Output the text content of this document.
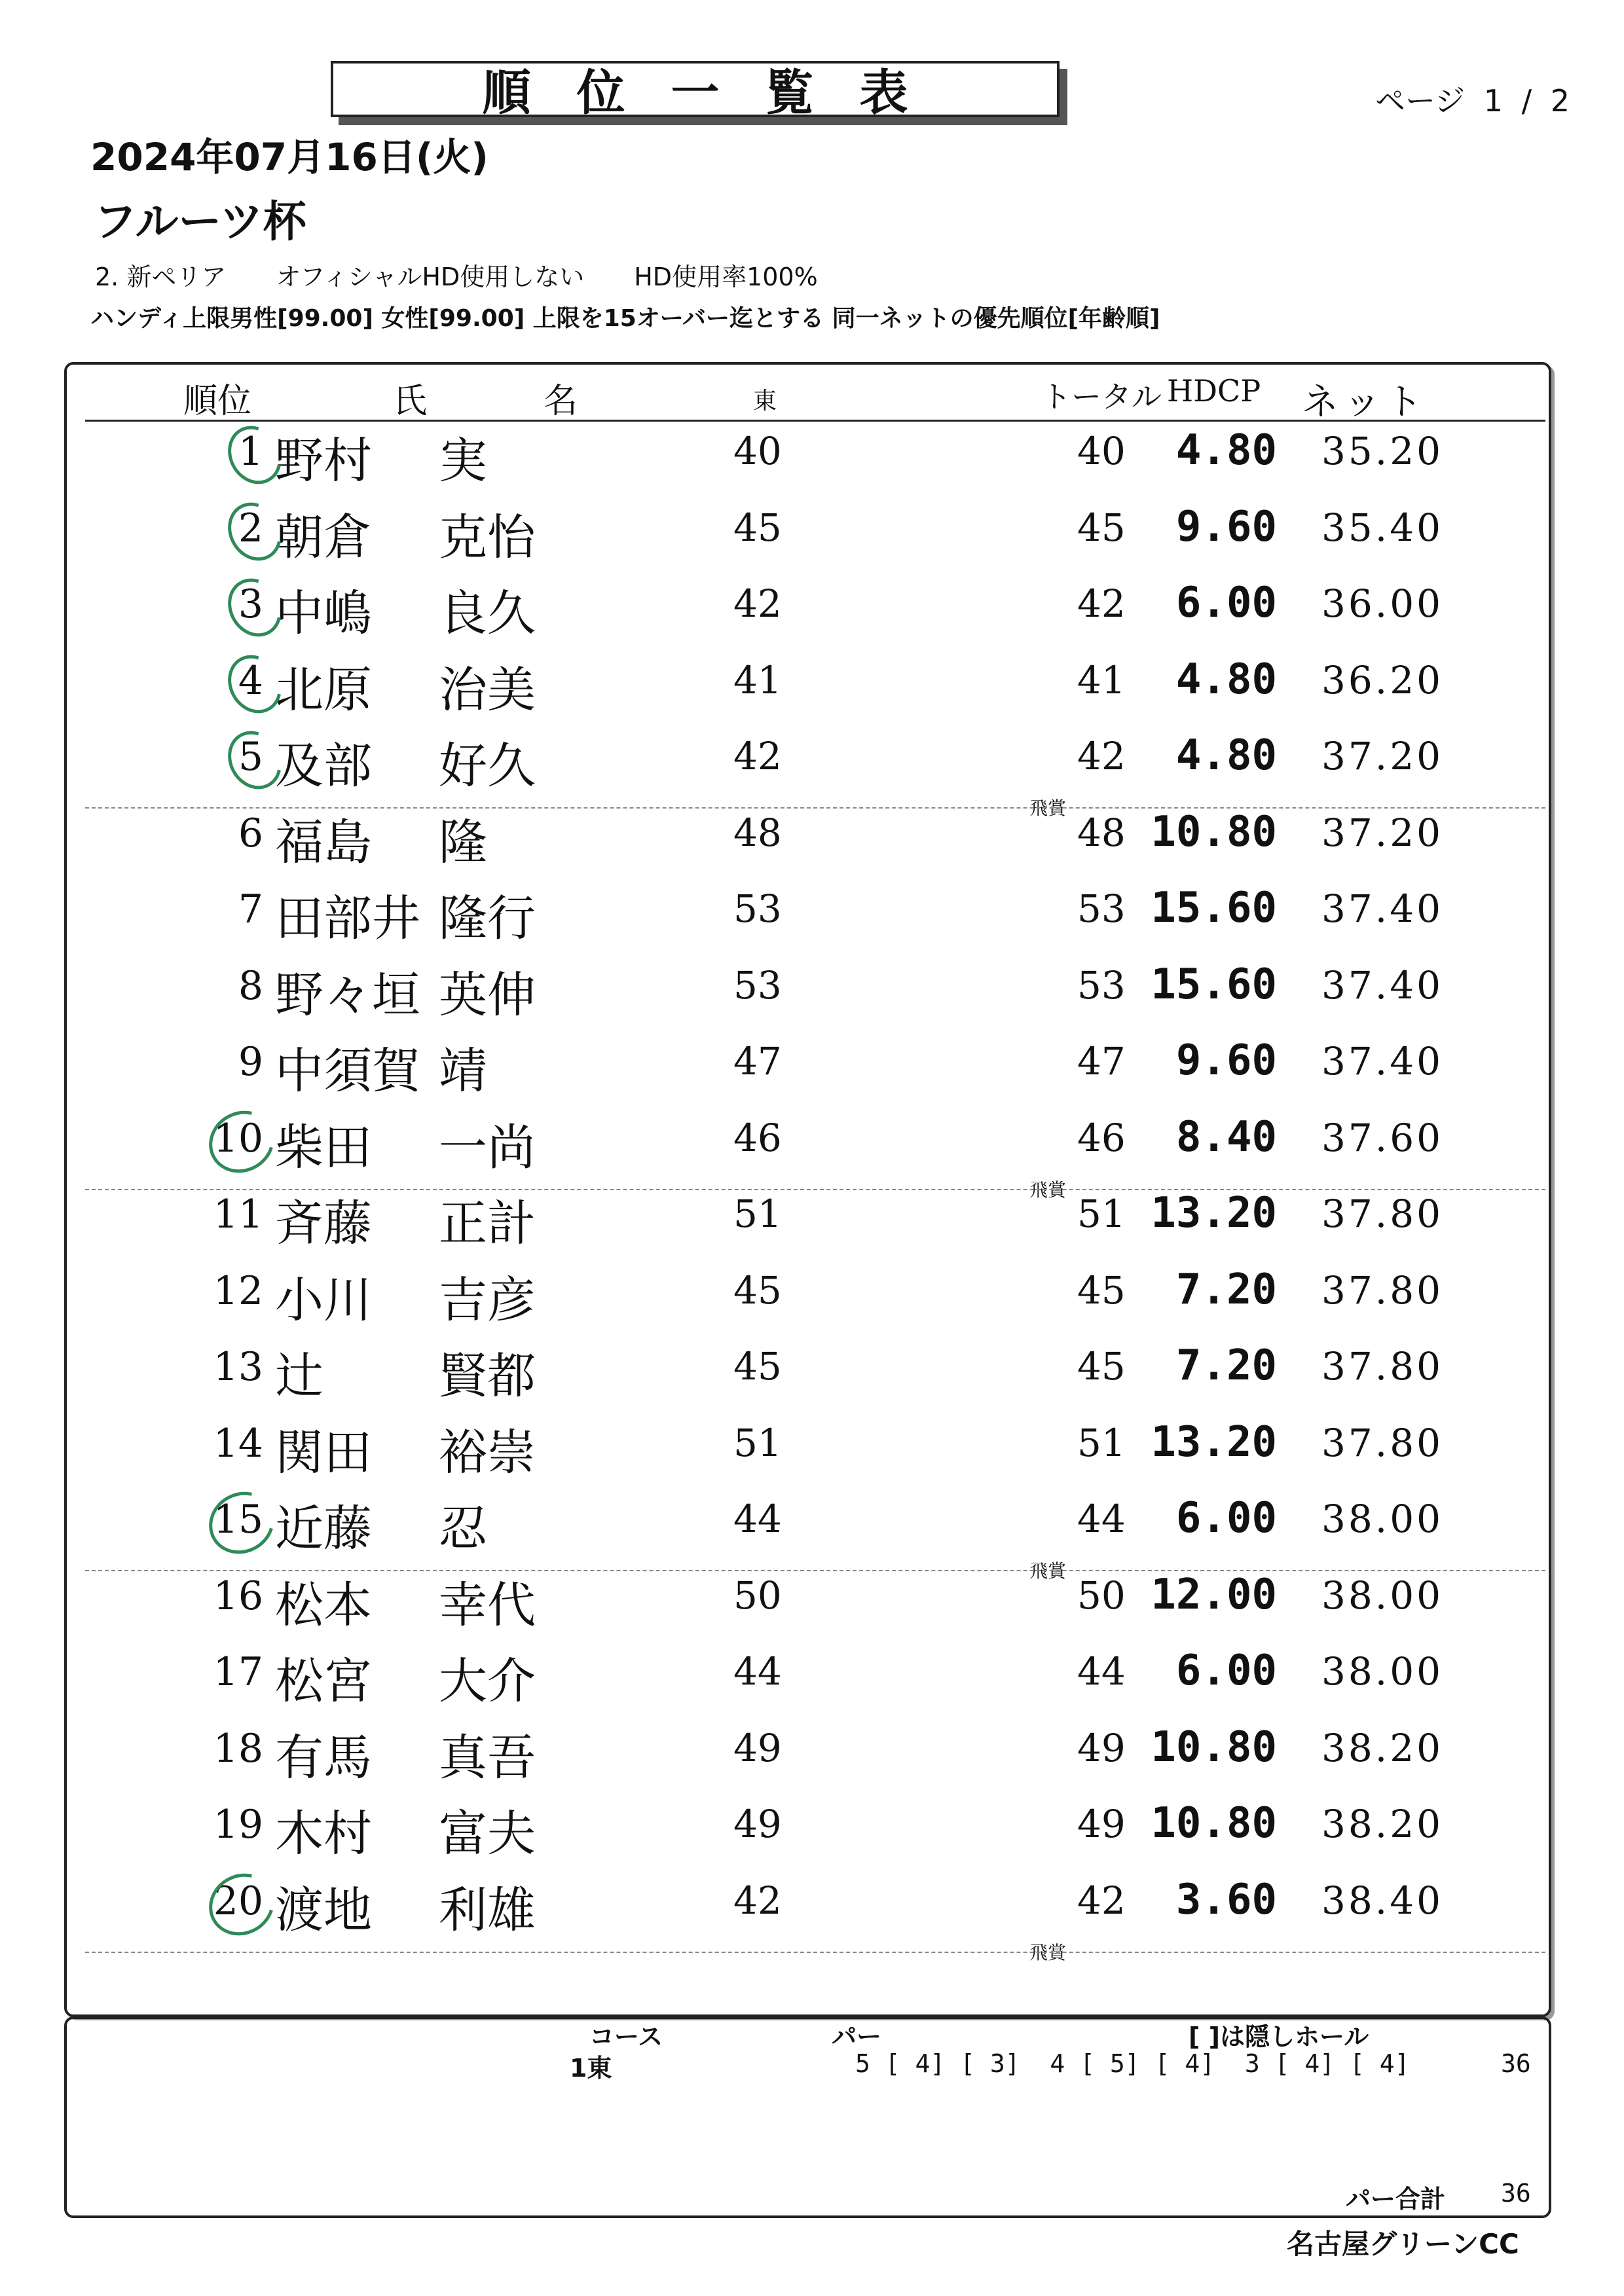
順位一覧表	ページ 1 / 2
2024年07月16日(火)
フルーツ杯
2. 新ペリア　　オフィシャルHD使用しない　　HD使用率100%
ハンディ上限男性[99.00] 女性[99.00] 上限を15オーバー迄とする 同一ネットの優先順位[年齢順]
順位	氏	名	東	トータル HDCP ネット
1 野村 実	40	40 4.80 35.20
2 朝倉 克怡	45	45 9.60 35.40
3 中嶋 良久	42	42 6.00 36.00
4 北原 治美	41	41 4.80 36.20
5 及部 好久	42	42 4.80 37.20
飛賞
6 福島 隆	48	48 10.80 37.20
7 田部井 隆行	53	53 15.60 37.40
8 野々垣 英伸	53	53 15.60 37.40
9 中須賀 靖	47	47 9.60 37.40
10 柴田 一尚	46	46 8.40 37.60
飛賞
11 斉藤 正計	51	51 13.20 37.80
12 小川 吉彦	45	45 7.20 37.80
13 辻 賢都	45	45 7.20 37.80
14 関田 裕崇	51	51 13.20 37.80
15 近藤 忍	44	44 6.00 38.00
飛賞
16 松本 幸代	50	50 12.00 38.00
17 松宮 大介	44	44 6.00 38.00
18 有馬 真吾	49	49 10.80 38.20
19 木村 富夫	49	49 10.80 38.20
20 渡地 利雄	42	42 3.60 38.40
飛賞
コース	パー	[ ]は隠しホール
1東	5 [ 4] [ 3]  4 [ 5] [ 4]  3 [ 4] [ 4]	36
パー合計 36
名古屋グリーンCC
